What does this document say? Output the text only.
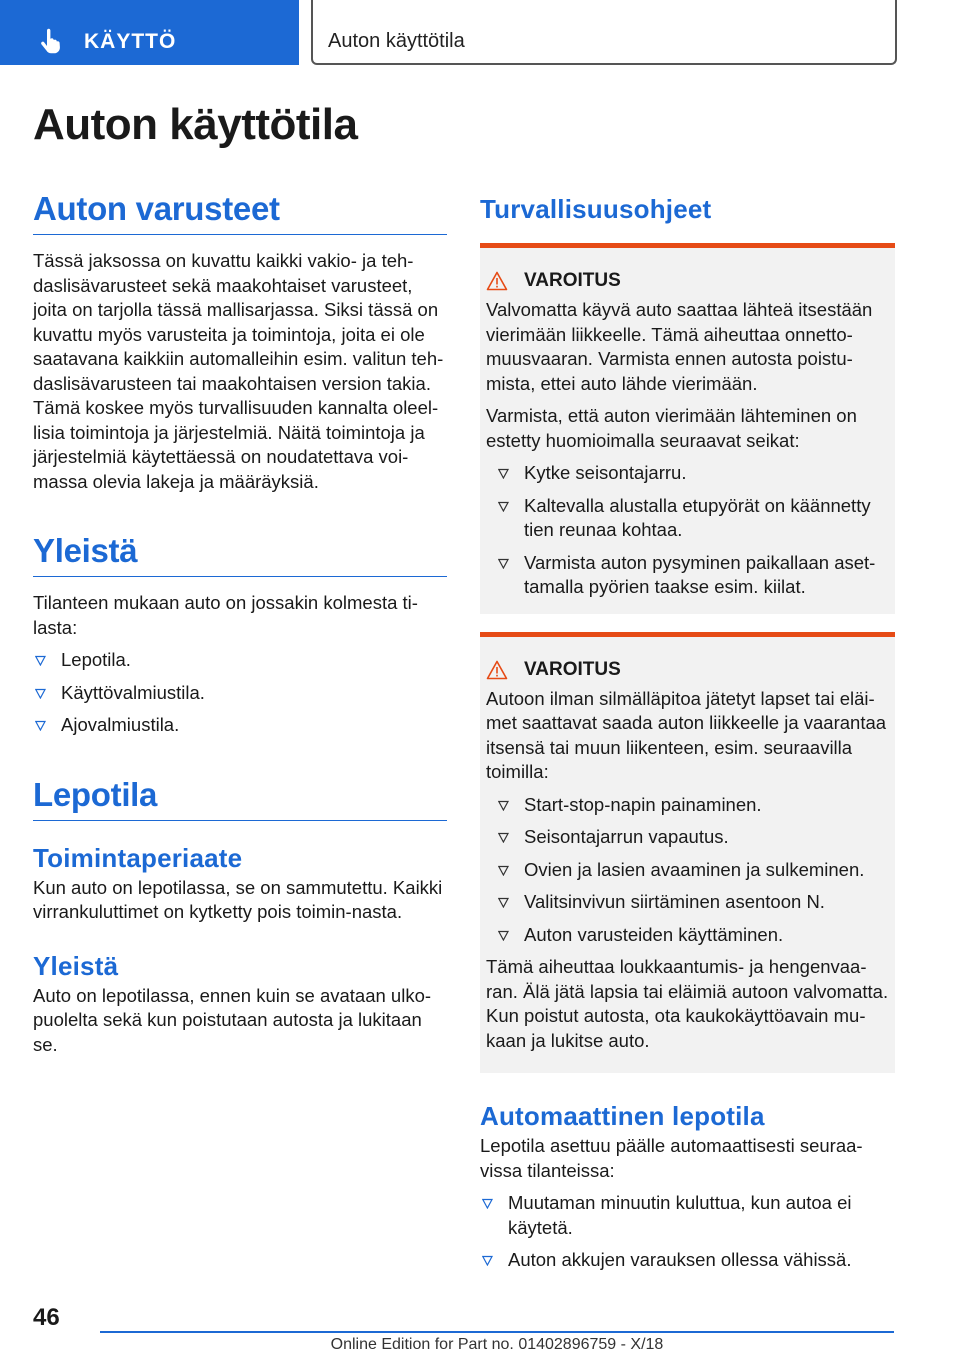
KÄYTTÖ	Auton käyttötila
Auton käyttötila
Auton varusteet

Tässä jaksossa on kuvattu kaikki vakio- ja teh-daslisävarusteet sekä maakohtaiset varusteet, joita on tarjolla tässä mallisarjassa. Siksi tässä on kuvattu myös varusteita ja toimintoja, joita ei ole saatavana kaikkiin automalleihin esim. valitun teh-daslisävarusteen tai maakohtaisen version takia. Tämä koskee myös turvallisuuden kannalta oleel-lisia toimintoja ja järjestelmiä. Näitä toimintoja ja järjestelmiä käytettäessä on noudatettava voi-massa olevia lakeja ja määräyksiä.

Yleistä

Tilanteen mukaan auto on jossakin kolmesta ti-lasta:

Lepotila.
Käyttövalmiustila.
Ajovalmiustila.
Lepotila
Toimintaperiaate

Kun auto on lepotilassa, se on sammutettu. Kaikki virrankuluttimet on kytketty pois toimin-nasta.

Yleistä

Auto on lepotilassa, ennen kuin se avataan ulko-puolelta sekä kun poistutaan autosta ja lukitaan se.

Turvallisuusohjeet
VAROITUS

Valvomatta käyvä auto saattaa lähteä itsestään vierimään liikkeelle. Tämä aiheuttaa onnetto-muusvaaran. Varmista ennen autosta poistu-mista, ettei auto lähde vierimään.

Varmista, että auton vierimään lähteminen on estetty huomioimalla seuraavat seikat:

Kytke seisontajarru.
Kaltevalla alustalla etupyörät on käännetty tien reunaa kohtaa.
Varmista auton pysyminen paikallaan aset-tamalla pyörien taakse esim. kiilat.
VAROITUS

Autoon ilman silmälläpitoa jätetyt lapset tai eläi-met saattavat saada auton liikkeelle ja vaarantaa itsensä tai muun liikenteen, esim. seuraavilla toimilla:

Start-stop-napin painaminen.
Seisontajarrun vapautus.
Ovien ja lasien avaaminen ja sulkeminen.
Valitsinvivun siirtäminen asentoon N.
Auton varusteiden käyttäminen.

Tämä aiheuttaa loukkaantumis- ja hengenvaa-ran. Älä jätä lapsia tai eläimiä autoon valvomatta. Kun poistut autosta, ota kaukokäyttöavain mu-kaan ja lukitse auto.

Automaattinen lepotila

Lepotila asettuu päälle automaattisesti seuraa-vissa tilanteissa:

Muutaman minuutin kuluttua, kun autoa ei käytetä.
Auton akkujen varauksen ollessa vähissä.
46
Online Edition for Part no. 01402896759 - X/18
